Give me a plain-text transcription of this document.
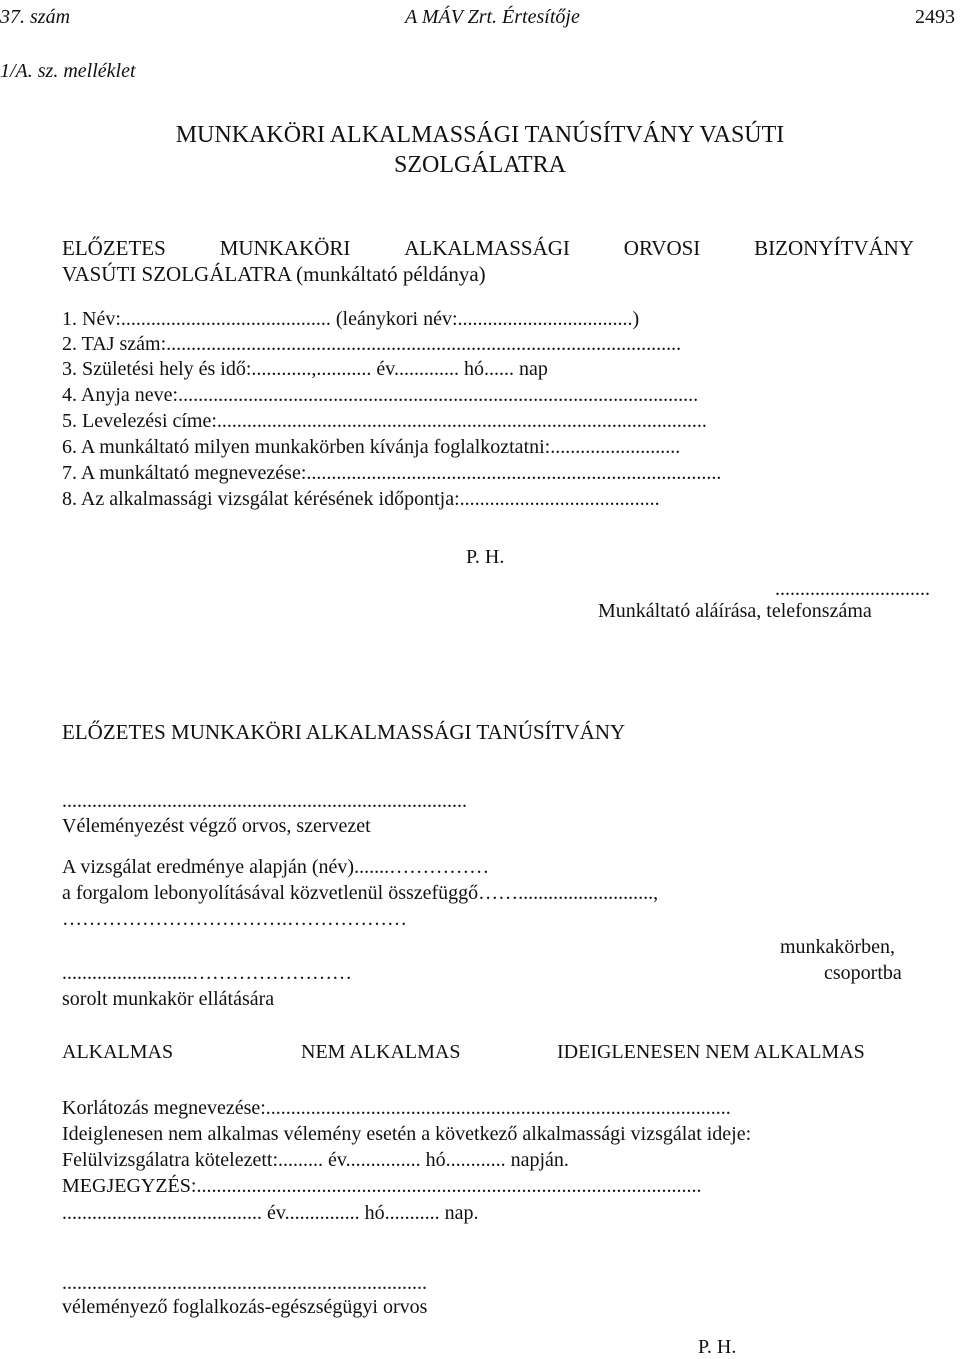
37. szám	A MÁV Zrt. Értesítője	2493
1/A. sz. melléklet
MUNKAKÖRI ALKALMASSÁGI TANÚSÍTVÁNY VASÚTI
SZOLGÁLATRA
ELŐZETES	MUNKAKÖRI	ALKALMASSÁGI	ORVOSI	BIZONYÍTVÁNY
VASÚTI SZOLGÁLATRA (munkáltató példánya)
1. Név:.......................................... (leánykori név:...................................)
2. TAJ szám:.......................................................................................................
3. Születési hely és idő:............,........... év............. hó...... nap
4. Anyja neve:........................................................................................................
5. Levelezési címe:..................................................................................................
6. A munkáltató milyen munkakörben kívánja foglalkoztatni:..........................
7. A munkáltató megnevezése:...................................................................................
8. Az alkalmassági vizsgálat kérésének időpontja:........................................
P. H.
...............................
Munkáltató aláírása, telefonszáma
ELŐZETES MUNKAKÖRI ALKALMASSÁGI TANÚSÍTVÁNY
.................................................................................
Véleményezést végző orvos, szervezet
A vizsgálat eredménye alapján (név).......……………
a forgalom lebonyolításával közvetlenül összefüggő……...........................,
…………………………….………………
munkakörben,
..........................……………………	csoportba
sorolt munkakör ellátására
ALKALMAS	NEM ALKALMAS	IDEIGLENESEN NEM ALKALMAS
Korlátozás megnevezése:.............................................................................................
Ideiglenesen nem alkalmas vélemény esetén a következő alkalmassági vizsgálat ideje:
Felülvizsgálatra kötelezett:......... év............... hó............ napján.
MEGJEGYZÉS:.....................................................................................................
........................................ év............... hó........... nap.
.........................................................................
véleményező foglalkozás-egészségügyi orvos
P. H.
